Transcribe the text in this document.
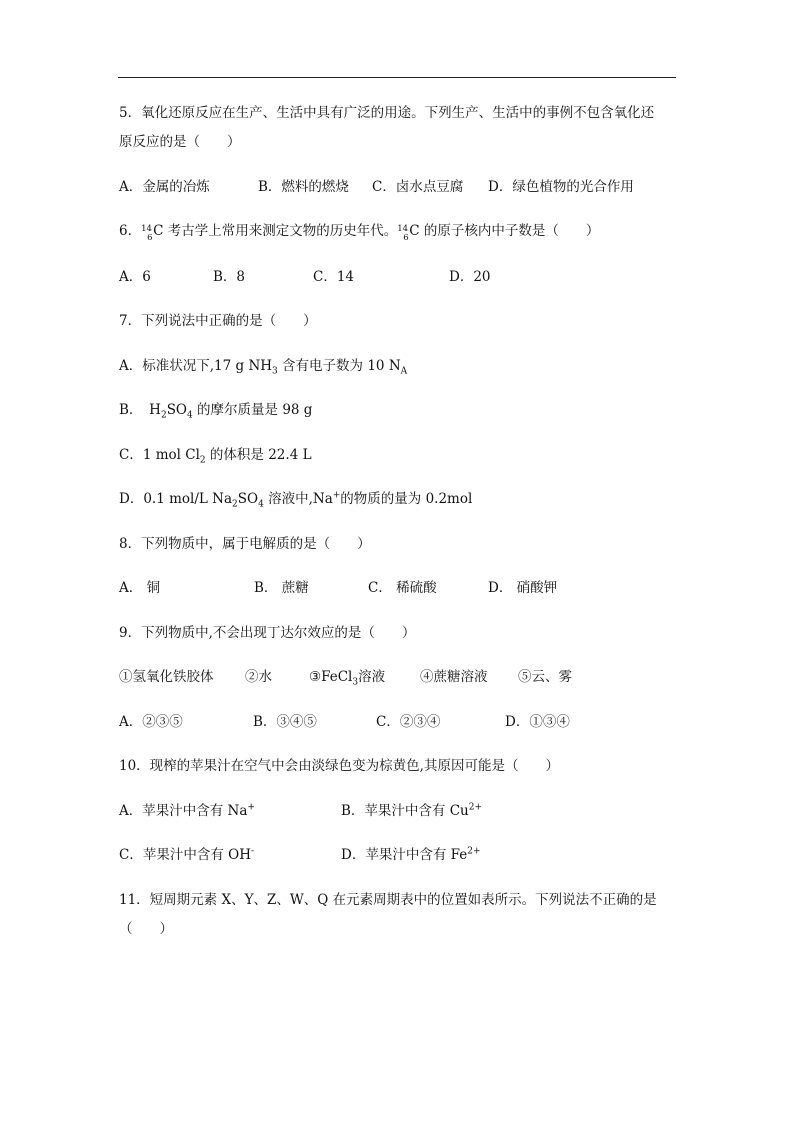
5．氧化还原反应在生产、生活中具有广泛的用途。下列生产、生活中的事例不包含氧化还
原反应的是（　　）
A．金属的冶炼	B．燃料的燃烧 C．卤水点豆腐 D．绿色植物的光合作用
6． 14
6 C 考古学上常用来测定文物的历史年代。 14
6 C 的原子核内中子数是（　　）
A．6	B．8	C．14	D．20
7．下列说法中正确的是（　　）
A．标准状况下,17 g $NH_3$ 含有电子数为 10 $N_A$
B．　$H_2SO_4$ 的摩尔质量是 98 g
C．1 mol $Cl_2$ 的体积是 22.4 L
D．0.1 mol/L $Na_2SO_4$ 溶液中,Na+的物质的量为 0.2mol
8．下列物质中，属于电解质的是（　　）
A． 铜	B． 蔗糖	C． 稀硫酸	D． 硝酸钾
9．下列物质中,不会出现丁达尔效应的是（　　）
①氢氧化铁胶体 ②水	③FeCl$_3$溶液	④蔗糖溶液 ⑤云、雾
A．②③⑤	B．③④⑤	C．②③④	D．①③④
10．现榨的苹果汁在空气中会由淡绿色变为棕黄色,其原因可能是（　　）
A．苹果汁中含有 Na+	B．苹果汁中含有 $Cu^{2+}$
C．苹果汁中含有 OH-	D．苹果汁中含有 $Fe^{2+}$
11．短周期元素 X、Y、Z、W、Q 在元素周期表中的位置如表所示。下列说法不正确的是
（　　）
